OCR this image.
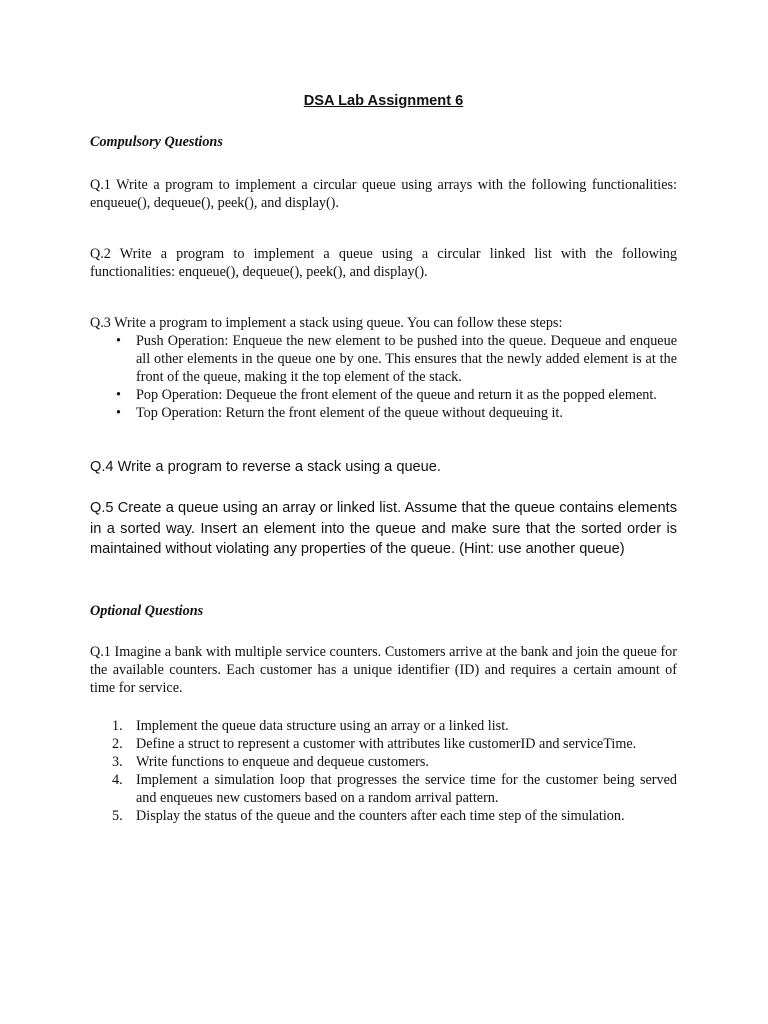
DSA Lab Assignment 6

Compulsory Questions

Q.1 Write a program to implement a circular queue using arrays with the following functionalities: enqueue(), dequeue(), peek(), and display().

Q.2 Write a program to implement a queue using a circular linked list with the following functionalities: enqueue(), dequeue(), peek(), and display().

Q.3 Write a program to implement a stack using queue. You can follow these steps:

• Push Operation: Enqueue the new element to be pushed into the queue. Dequeue and enqueue all other elements in the queue one by one. This ensures that the newly added element is at the front of the queue, making it the top element of the stack.
• Pop Operation: Dequeue the front element of the queue and return it as the popped element.
• Top Operation: Return the front element of the queue without dequeuing it.

Q.4 Write a program to reverse a stack using a queue.

Q.5 Create a queue using an array or linked list. Assume that the queue contains elements in a sorted way. Insert an element into the queue and make sure that the sorted order is maintained without violating any properties of the queue. (Hint: use another queue)

Optional Questions

Q.1 Imagine a bank with multiple service counters. Customers arrive at the bank and join the queue for the available counters. Each customer has a unique identifier (ID) and requires a certain amount of time for service.

1. Implement the queue data structure using an array or a linked list.
2. Define a struct to represent a customer with attributes like customerID and serviceTime.
3. Write functions to enqueue and dequeue customers.
4. Implement a simulation loop that progresses the service time for the customer being served and enqueues new customers based on a random arrival pattern.
5. Display the status of the queue and the counters after each time step of the simulation.
